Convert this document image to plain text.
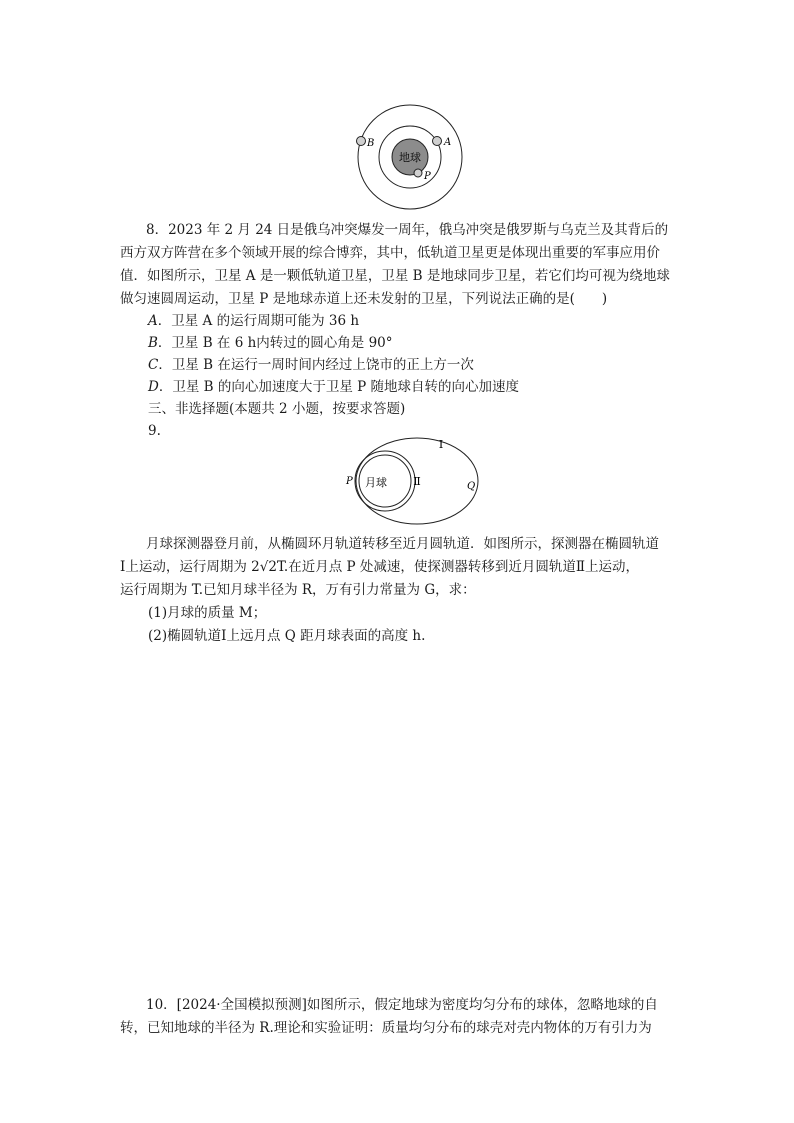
地球
B	A
P
8．2023 年 2 月 24 日是俄乌冲突爆发一周年，俄乌冲突是俄罗斯与乌克兰及其背后的
西方双方阵营在多个领域开展的综合博弈，其中，低轨道卫星更是体现出重要的军事应用价
值．如图所示，卫星 A 是一颗低轨道卫星，卫星 B 是地球同步卫星，若它们均可视为绕地球
做匀速圆周运动，卫星 P 是地球赤道上还未发射的卫星，下列说法正确的是(　　)
A．卫星 A 的运行周期可能为 36 h
B．卫星 B 在 6 h内转过的圆心角是 90°
C．卫星 B 在运行一周时间内经过上饶市的正上方一次
D．卫星 B 的向心加速度大于卫星 P 随地球自转的向心加速度
三、非选择题(本题共 2 小题，按要求答题)
9.
月球 Ⅱ
Ⅰ
P	Q
月球探测器登月前，从椭圆环月轨道转移至近月圆轨道．如图所示，探测器在椭圆轨道
Ⅰ上运动，运行周期为 2√2T.在近月点 P 处减速，使探测器转移到近月圆轨道Ⅱ上运动，
运行周期为 T.已知月球半径为 R，万有引力常量为 G，求：
(1)月球的质量 M；
(2)椭圆轨道Ⅰ上远月点 Q 距月球表面的高度 h.
10．[2024·全国模拟预测]如图所示，假定地球为密度均匀分布的球体，忽略地球的自
转，已知地球的半径为 R.理论和实验证明：质量均匀分布的球壳对壳内物体的万有引力为
